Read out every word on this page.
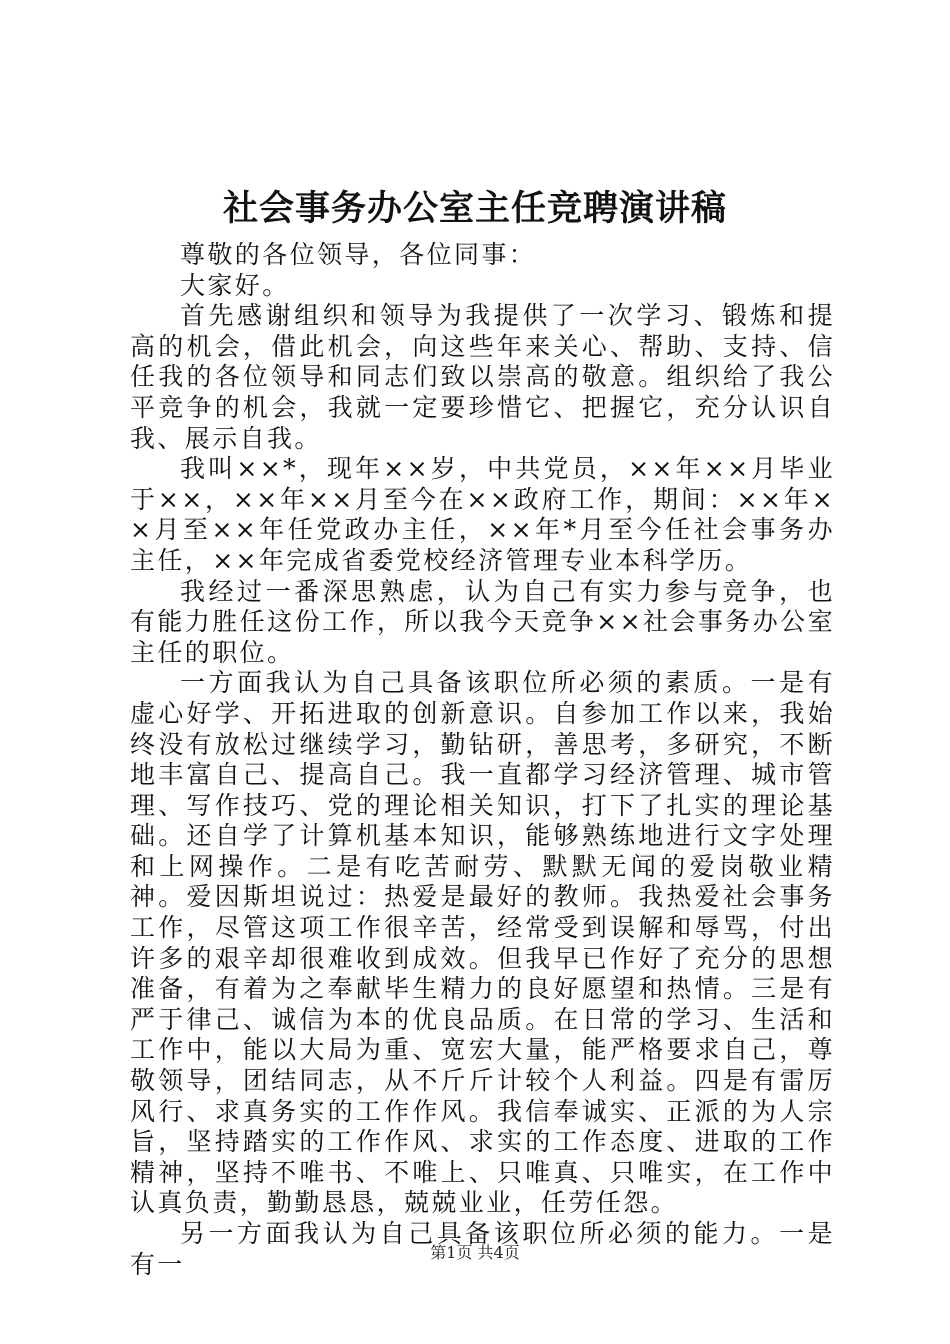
社会事务办公室主任竞聘演讲稿

尊敬的各位领导，各位同事：

大家好。

首先感谢组织和领导为我提供了一次学习、锻炼和提高的机会，借此机会，向这些年来关心、帮助、支持、信任我的各位领导和同志们致以崇高的敬意。组织给了我公平竞争的机会，我就一定要珍惜它、把握它，充分认识自我、展示自我。

我叫××*，现年××岁，中共党员，××年××月毕业于××，××年××月至今在××政府工作，期间：××年××月至××年任党政办主任，××年*月至今任社会事务办主任，××年完成省委党校经济管理专业本科学历。

我经过一番深思熟虑，认为自己有实力参与竞争，也有能力胜任这份工作，所以我今天竞争××社会事务办公室主任的职位。

一方面我认为自己具备该职位所必须的素质。一是有虚心好学、开拓进取的创新意识。自参加工作以来，我始终没有放松过继续学习，勤钻研，善思考，多研究，不断地丰富自己、提高自己。我一直都学习经济管理、城市管理、写作技巧、党的理论相关知识，打下了扎实的理论基础。还自学了计算机基本知识，能够熟练地进行文字处理和上网操作。二是有吃苦耐劳、默默无闻的爱岗敬业精神。爱因斯坦说过：热爱是最好的教师。我热爱社会事务工作，尽管这项工作很辛苦，经常受到误解和辱骂，付出许多的艰辛却很难收到成效。但我早已作好了充分的思想准备，有着为之奉献毕生精力的良好愿望和热情。三是有严于律己、诚信为本的优良品质。在日常的学习、生活和工作中，能以大局为重、宽宏大量，能严格要求自己，尊敬领导，团结同志，从不斤斤计较个人利益。四是有雷厉风行、求真务实的工作作风。我信奉诚实、正派的为人宗旨，坚持踏实的工作作风、求实的工作态度、进取的工作精神，坚持不唯书、不唯上、只唯真、只唯实，在工作中认真负责，勤勤恳恳，兢兢业业，任劳任怨。

另一方面我认为自己具备该职位所必须的能力。一是有一	第1页 共4页
